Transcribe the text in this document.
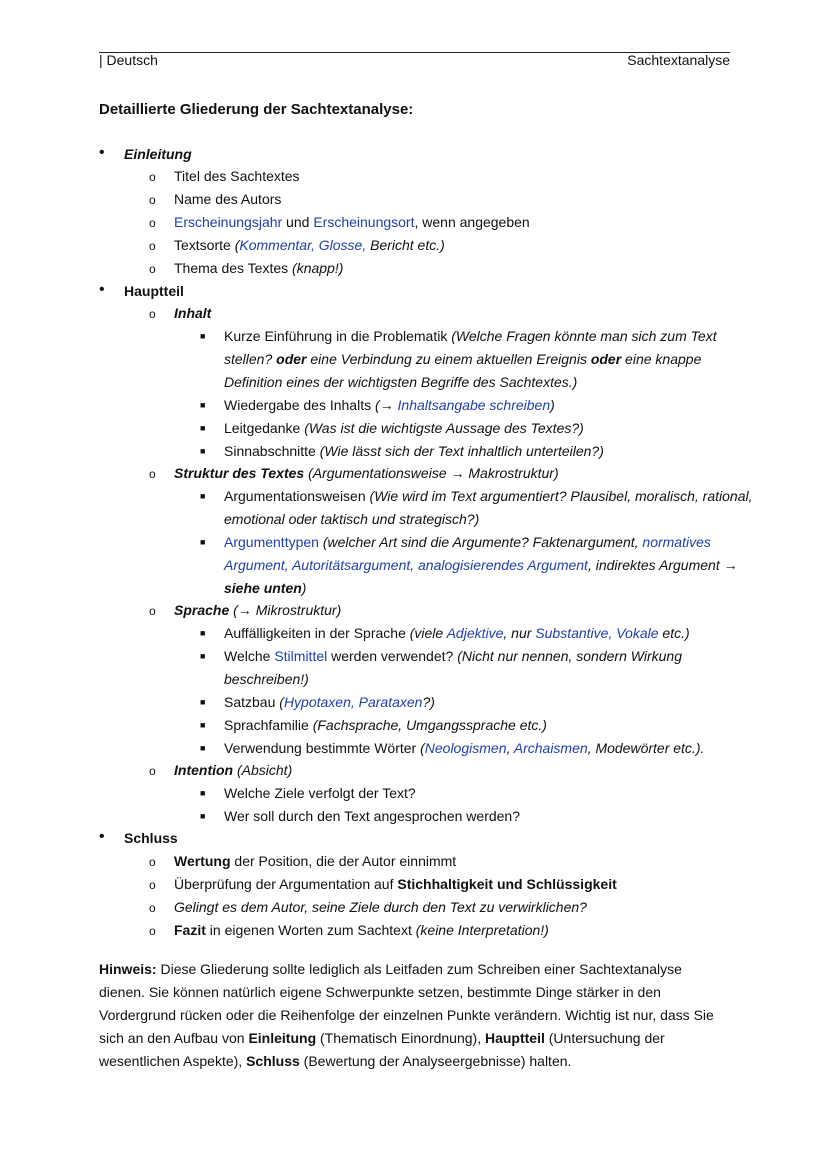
| Deutsch	Sachtextanalyse
Detaillierte Gliederung der Sachtextanalyse:
• Einleitung
o Titel des Sachtextes
o Name des Autors
o Erscheinungsjahr und Erscheinungsort, wenn angegeben
o Textsorte (Kommentar, Glosse, Bericht etc.)
o Thema des Textes (knapp!)
• Hauptteil
o Inhalt
■ Kurze Einführung in die Problematik (Welche Fragen könnte man sich zum Text
stellen? oder eine Verbindung zu einem aktuellen Ereignis oder eine knappe
Definition eines der wichtigsten Begriffe des Sachtextes.)
■ Wiedergabe des Inhalts (→ Inhaltsangabe schreiben)
■ Leitgedanke (Was ist die wichtigste Aussage des Textes?)
■ Sinnabschnitte (Wie lässt sich der Text inhaltlich unterteilen?)
o Struktur des Textes (Argumentationsweise → Makrostruktur)
■ Argumentationsweisen (Wie wird im Text argumentiert? Plausibel, moralisch, rational,
emotional oder taktisch und strategisch?)
■ Argumenttypen (welcher Art sind die Argumente? Faktenargument, normatives
Argument, Autoritätsargument, analogisierendes Argument, indirektes Argument →
siehe unten)
o Sprache (→ Mikrostruktur)
■ Auffälligkeiten in der Sprache (viele Adjektive, nur Substantive, Vokale etc.)
■ Welche Stilmittel werden verwendet? (Nicht nur nennen, sondern Wirkung
beschreiben!)
■ Satzbau (Hypotaxen, Parataxen?)
■ Sprachfamilie (Fachsprache, Umgangssprache etc.)
■ Verwendung bestimmte Wörter (Neologismen, Archaismen, Modewörter etc.).
o Intention (Absicht)
■ Welche Ziele verfolgt der Text?
■ Wer soll durch den Text angesprochen werden?
• Schluss
o Wertung der Position, die der Autor einnimmt
o Überprüfung der Argumentation auf Stichhaltigkeit und Schlüssigkeit
o Gelingt es dem Autor, seine Ziele durch den Text zu verwirklichen?
o Fazit in eigenen Worten zum Sachtext (keine Interpretation!)
Hinweis: Diese Gliederung sollte lediglich als Leitfaden zum Schreiben einer Sachtextanalyse dienen. Sie können natürlich eigene Schwerpunkte setzen, bestimmte Dinge stärker in den Vordergrund rücken oder die Reihenfolge der einzelnen Punkte verändern. Wichtig ist nur, dass Sie sich an den Aufbau von Einleitung (Thematisch Einordnung), Hauptteil (Untersuchung der wesentlichen Aspekte), Schluss (Bewertung der Analyseergebnisse) halten.
